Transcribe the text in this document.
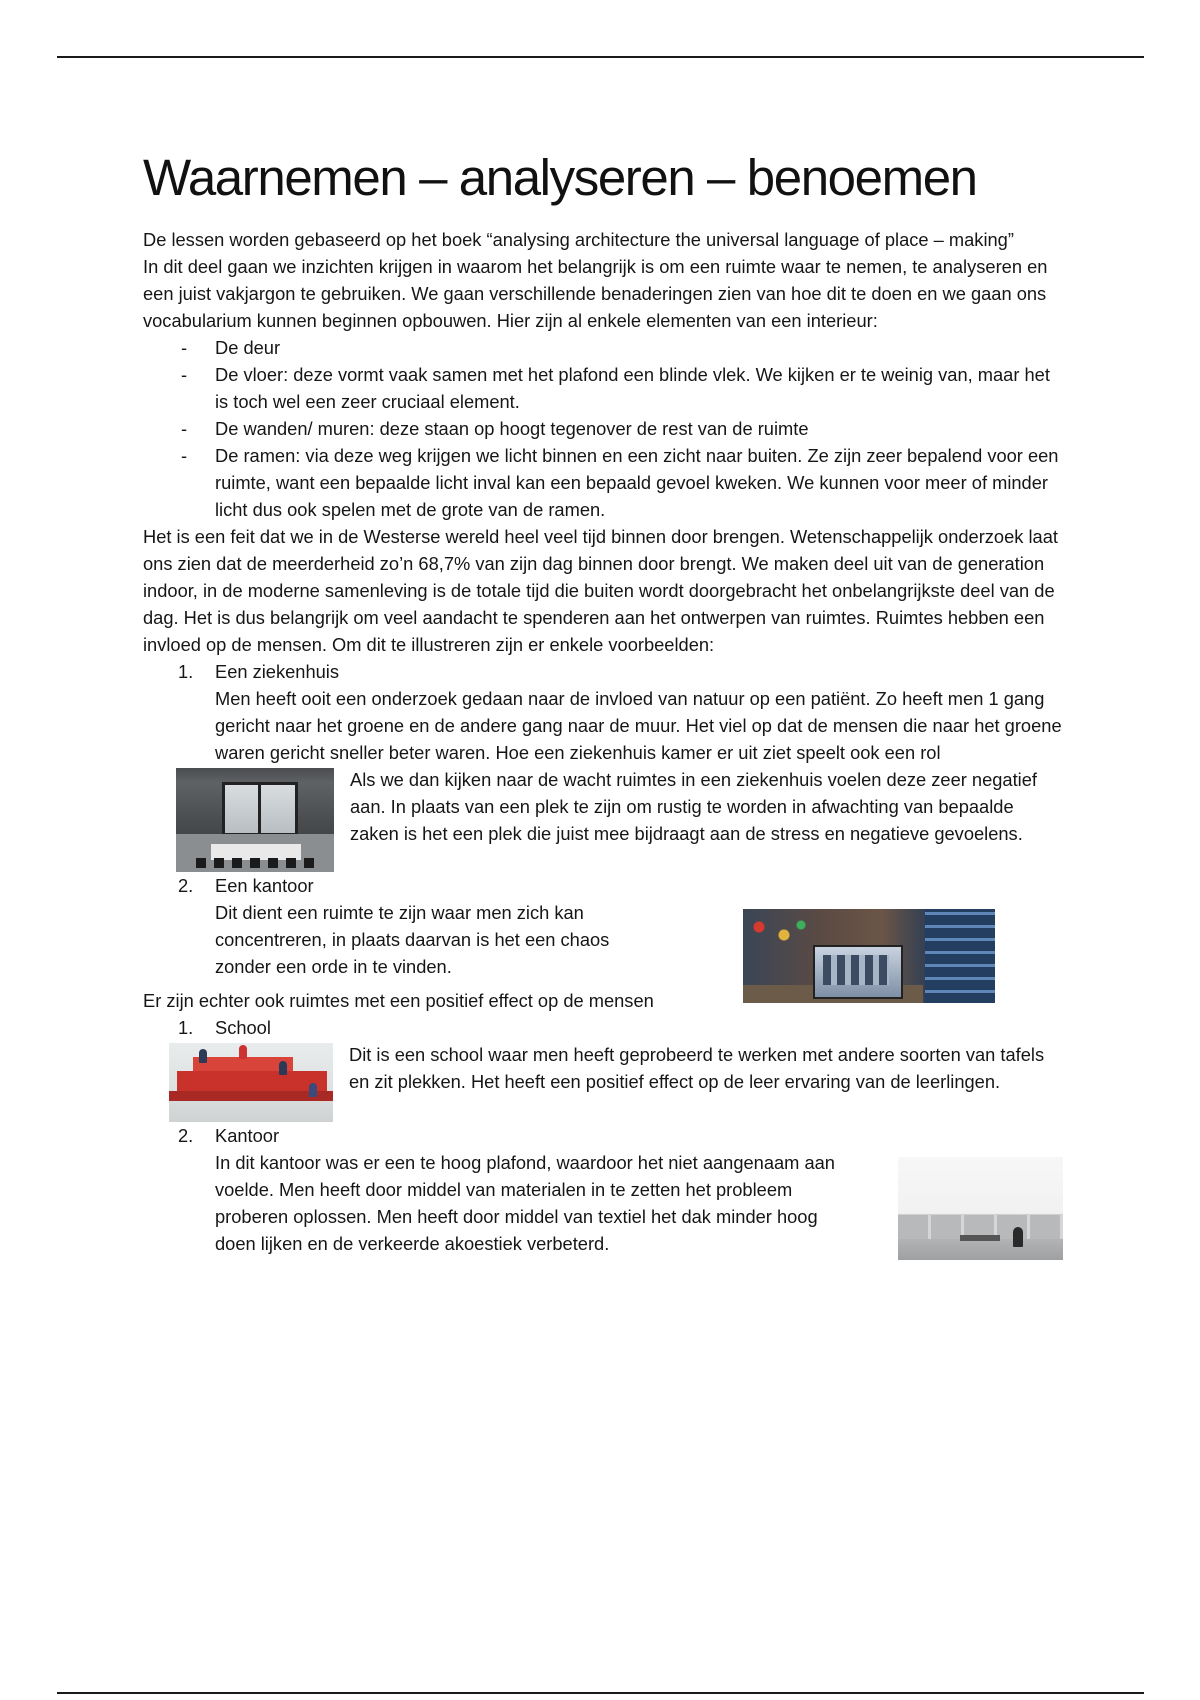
Waarnemen – analyseren – benoemen

De lessen worden gebaseerd op het boek “analysing architecture the universal language of place – making”

In dit deel gaan we inzichten krijgen in waarom het belangrijk is om een ruimte waar te nemen, te analyseren en een juist vakjargon te gebruiken. We gaan verschillende benaderingen zien van hoe dit te doen en we gaan ons vocabularium kunnen beginnen opbouwen. Hier zijn al enkele elementen van een interieur:

- De deur
- De vloer: deze vormt vaak samen met het plafond een blinde vlek. We kijken er te weinig van, maar het is toch wel een zeer cruciaal element.
- De wanden/ muren: deze staan op hoogt tegenover de rest van de ruimte
- De ramen: via deze weg krijgen we licht binnen en een zicht naar buiten. Ze zijn zeer bepalend voor een ruimte, want een bepaalde licht inval kan een bepaald gevoel kweken. We kunnen voor meer of minder licht dus ook spelen met de grote van de ramen.

Het is een feit dat we in de Westerse wereld heel veel tijd binnen door brengen. Wetenschappelijk onderzoek laat ons zien dat de meerderheid zo’n 68,7% van zijn dag binnen door brengt. We maken deel uit van de generation indoor, in de moderne samenleving is de totale tijd die buiten wordt doorgebracht het onbelangrijkste deel van de dag. Het is dus belangrijk om veel aandacht te spenderen aan het ontwerpen van ruimtes. Ruimtes hebben een invloed op de mensen. Om dit te illustreren zijn er enkele voorbeelden:

1. Een ziekenhuis
Men heeft ooit een onderzoek gedaan naar de invloed van natuur op een patiënt. Zo heeft men 1 gang gericht naar het groene en de andere gang naar de muur. Het viel op dat de mensen die naar het groene waren gericht sneller beter waren. Hoe een ziekenhuis kamer er uit ziet speelt ook een rol
Als we dan kijken naar de wacht ruimtes in een ziekenhuis voelen deze zeer negatief aan. In plaats van een plek te zijn om rustig te worden in afwachting van bepaalde zaken is het een plek die juist mee bijdraagt aan de stress en negatieve gevoelens.
2. Een kantoor
Dit dient een ruimte te zijn waar men zich kan concentreren, in plaats daarvan is het een chaos zonder een orde in te vinden.
Er zijn echter ook ruimtes met een positief effect op de mensen
1. School
Dit is een school waar men heeft geprobeerd te werken met andere soorten van tafels en zit plekken. Het heeft een positief effect op de leer ervaring van de leerlingen.
2. Kantoor
In dit kantoor was er een te hoog plafond, waardoor het niet aangenaam aan voelde. Men heeft door middel van materialen in te zetten het probleem proberen oplossen. Men heeft door middel van textiel het dak minder hoog doen lijken en de verkeerde akoestiek verbeterd.
